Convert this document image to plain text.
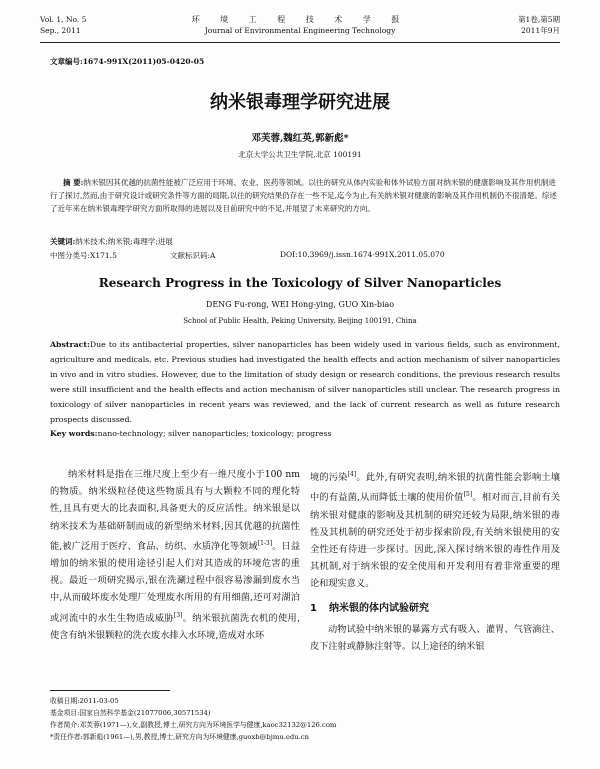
Vol. 1, No. 5
Sep., 2011
环 境 工 程 技 术 学 报
Journal of Environmental Engineering Technology
第1卷,第5期
2011年9月
文章编号:1674-991X(2011)05-0420-05
纳米银毒理学研究进展
邓芙蓉,魏红英,郭新彪*
北京大学公共卫生学院,北京 100191
摘 要:纳米银因其优越的抗菌性能被广泛应用于环境、农业、医药等领域。以往的研究从体内实验和体外试验方面对纳米银的健康影响及其作用机制进行了探讨,然而,由于研究设计或研究条件等方面的局限,以往的研究结果仍存在一些不足,迄今为止,有关纳米银对健康的影响及其作用机制仍不很清楚。综述了近年来在纳米银毒理学研究方面所取得的进展以及目前研究中的不足,并展望了未来研究的方向。
关键词:纳米技术;纳米银;毒理学;进展
中图分类号:X171.5	文献标识码:A	DOI:10.3969/j.issn.1674-991X.2011.05.070
Research Progress in the Toxicology of Silver Nanoparticles
DENG Fu-rong, WEI Hong-ying, GUO Xin-biao
School of Public Health, Peking University, Beijing 100191, China
Abstract:Due to its antibacterial properties, silver nanoparticles has been widely used in various fields, such as environment, agriculture and medicals, etc. Previous studies had investigated the health effects and action mechanism of silver nanoparticles in vivo and in vitro studies. However, due to the limitation of study design or research conditions, the previous research results were still insufficient and the health effects and action mechanism of silver nanoparticles still unclear. The research progress in toxicology of silver nanoparticles in recent years was reviewed, and the lack of current research as well as future research prospects discussed.
Key words:nano-technology; silver nanoparticles; toxicology; progress
纳米材料是指在三维尺度上至少有一维尺度小于100 nm的物质。纳米级粒径使这些物质具有与大颗粒不同的理化特性,且具有更大的比表面积,具备更大的反应活性。纳米银是以纳米技术为基础研制而成的新型纳米材料,因其优越的抗菌性能,被广泛用于医疗、食品、纺织、水质净化等领域[1-3]。日益增加的纳米银的使用途径引起人们对其造成的环境危害的重视。最近一项研究揭示,银在洗涮过程中很容易渗漏到废水当中,从而破坏废水处理厂处理废水所用的有用细菌,还可对湖泊或河流中的水生生物造成威胁[3]。纳米银抗菌洗衣机的使用,使含有纳米银颗粒的洗衣废水排入水环境,造成对水环
境的污染[4]。此外,有研究表明,纳米银的抗菌性能会影响土壤中的有益菌,从而降低土壤的使用价值[5]。相对而言,目前有关纳米银对健康的影响及其机制的研究还较为局限,纳米银的毒性及其机制的研究还处于初步探索阶段,有关纳米银使用的安全性还有待进一步探讨。因此,深入探讨纳米银的毒性作用及其机制,对于纳米银的安全使用和开发利用有着非常重要的理论和现实意义。
1 纳米银的体内试验研究
动物试验中纳米银的暴露方式有吸入、灌胃、气管滴注、皮下注射或静脉注射等。以上途径的纳米银
收稿日期:2011-03-05
基金项目:国家自然科学基金(21077006,30571534)
作者简介:邓芙蓉(1971—),女,副教授,博士,研究方向为环境医学与健康,kaoc32132@126.com
*责任作者:郭新彪(1961—),男,教授,博士,研究方向为环境健康,guoxb@bjmu.edu.cn
